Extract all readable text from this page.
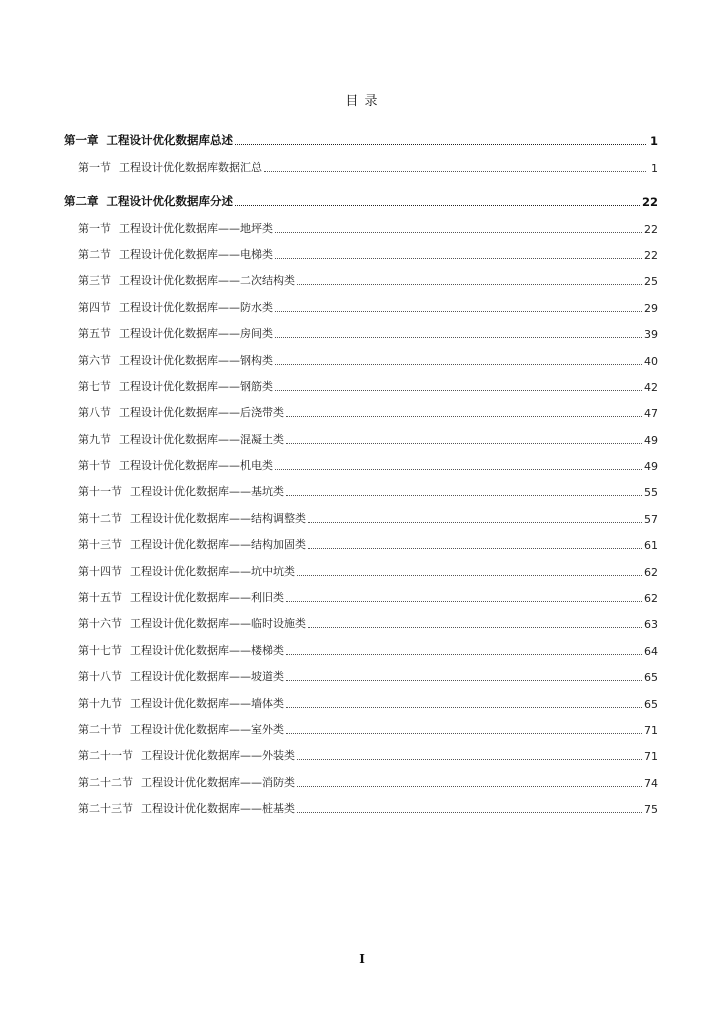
目 录
第一章 工程设计优化数据库总述	1
第一节 工程设计优化数据库数据汇总	1
第二章 工程设计优化数据库分述	22
第一节 工程设计优化数据库——地坪类	22
第二节 工程设计优化数据库——电梯类	22
第三节 工程设计优化数据库——二次结构类	25
第四节 工程设计优化数据库——防水类	29
第五节 工程设计优化数据库——房间类	39
第六节 工程设计优化数据库——钢构类	40
第七节 工程设计优化数据库——钢筋类	42
第八节 工程设计优化数据库——后浇带类	47
第九节 工程设计优化数据库——混凝土类	49
第十节 工程设计优化数据库——机电类	49
第十一节 工程设计优化数据库——基坑类	55
第十二节 工程设计优化数据库——结构调整类	57
第十三节 工程设计优化数据库——结构加固类	61
第十四节 工程设计优化数据库——坑中坑类	62
第十五节 工程设计优化数据库——利旧类	62
第十六节 工程设计优化数据库——临时设施类	63
第十七节 工程设计优化数据库——楼梯类	64
第十八节 工程设计优化数据库——坡道类	65
第十九节 工程设计优化数据库——墙体类	65
第二十节 工程设计优化数据库——室外类	71
第二十一节 工程设计优化数据库——外装类	71
第二十二节 工程设计优化数据库——消防类	74
第二十三节 工程设计优化数据库——桩基类	75
I
